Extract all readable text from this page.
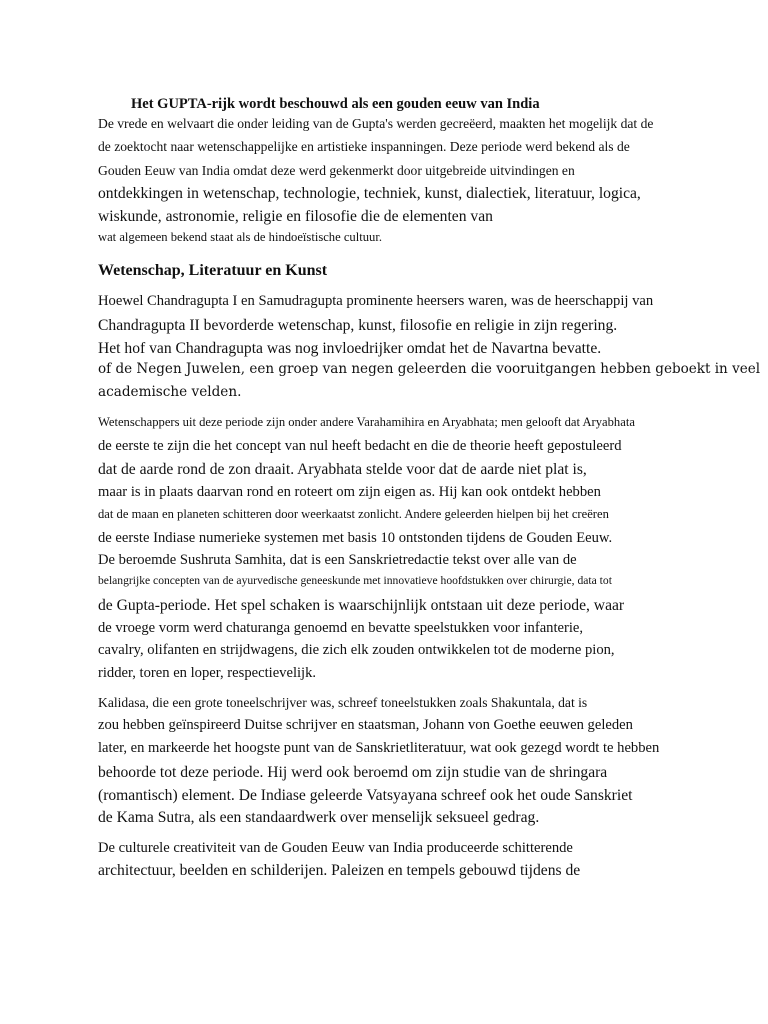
Het GUPTA-rijk wordt beschouwd als een gouden eeuw van India
De vrede en welvaart die onder leiding van de Gupta's werden gecreëerd, maakten het mogelijk dat de
de zoektocht naar wetenschappelijke en artistieke inspanningen. Deze periode werd bekend als de
Gouden Eeuw van India omdat deze werd gekenmerkt door uitgebreide uitvindingen en
ontdekkingen in wetenschap, technologie, techniek, kunst, dialectiek, literatuur, logica,
wiskunde, astronomie, religie en filosofie die de elementen van
wat algemeen bekend staat als de hindoeïstische cultuur.
Wetenschap, Literatuur en Kunst
Hoewel Chandragupta I en Samudragupta prominente heersers waren, was de heerschappij van
Chandragupta II bevorderde wetenschap, kunst, filosofie en religie in zijn regering.
Het hof van Chandragupta was nog invloedrijker omdat het de Navartna bevatte.
of de Negen Juwelen, een groep van negen geleerden die vooruitgangen hebben geboekt in veel
academische velden.
Wetenschappers uit deze periode zijn onder andere Varahamihira en Aryabhata; men gelooft dat Aryabhata
de eerste te zijn die het concept van nul heeft bedacht en die de theorie heeft gepostuleerd
dat de aarde rond de zon draait. Aryabhata stelde voor dat de aarde niet plat is,
maar is in plaats daarvan rond en roteert om zijn eigen as. Hij kan ook ontdekt hebben
dat de maan en planeten schitteren door weerkaatst zonlicht. Andere geleerden hielpen bij het creëren
de eerste Indiase numerieke systemen met basis 10 ontstonden tijdens de Gouden Eeuw.
De beroemde Sushruta Samhita, dat is een Sanskrietredactie tekst over alle van de
belangrijke concepten van de ayurvedische geneeskunde met innovatieve hoofdstukken over chirurgie, data tot
de Gupta-periode. Het spel schaken is waarschijnlijk ontstaan uit deze periode, waar
de vroege vorm werd chaturanga genoemd en bevatte speelstukken voor infanterie,
cavalry, olifanten en strijdwagens, die zich elk zouden ontwikkelen tot de moderne pion,
ridder, toren en loper, respectievelijk.
Kalidasa, die een grote toneelschrijver was, schreef toneelstukken zoals Shakuntala, dat is
zou hebben geïnspireerd Duitse schrijver en staatsman, Johann von Goethe eeuwen geleden
later, en markeerde het hoogste punt van de Sanskrietliteratuur, wat ook gezegd wordt te hebben
behoorde tot deze periode. Hij werd ook beroemd om zijn studie van de shringara
(romantisch) element. De Indiase geleerde Vatsyayana schreef ook het oude Sanskriet
de Kama Sutra, als een standaardwerk over menselijk seksueel gedrag.
De culturele creativiteit van de Gouden Eeuw van India produceerde schitterende
architectuur, beelden en schilderijen. Paleizen en tempels gebouwd tijdens de
